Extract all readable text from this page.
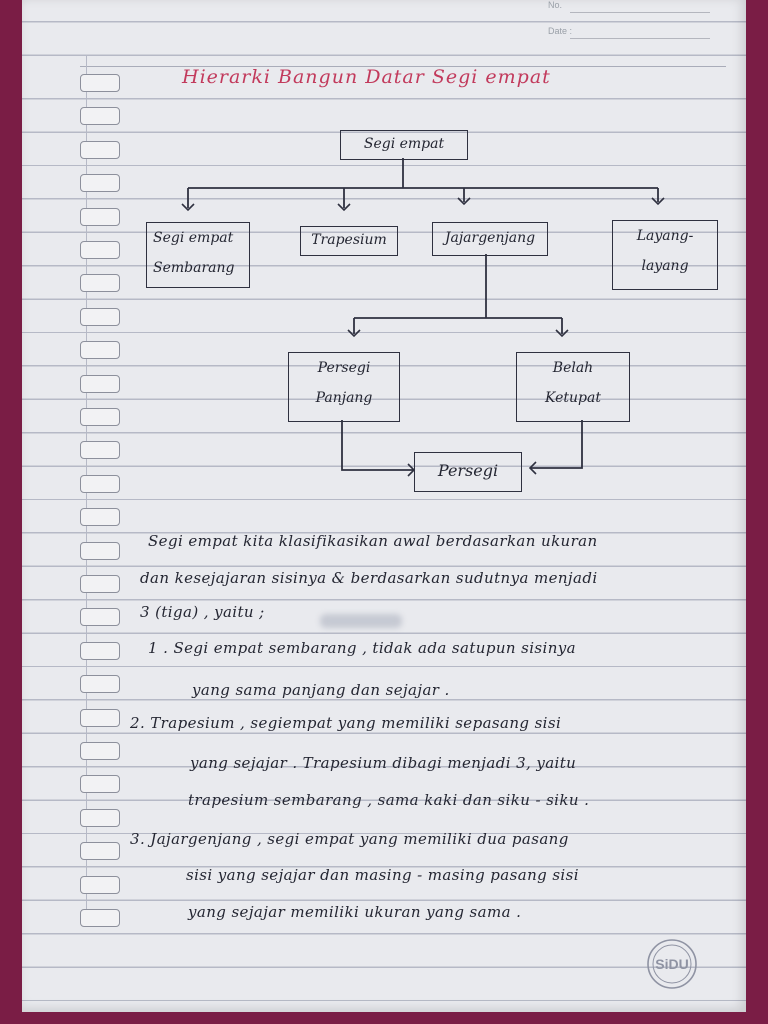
No.
Date :
Hierarki Bangun Datar Segi empat
Segi empat
Segi empat
Sembarang
Trapesium	Jajargenjang	Layang-
layang
Persegi
Panjang
Belah
Ketupat
Persegi
Segi empat kita klasifikasikan awal berdasarkan ukuran
dan kesejajaran sisinya & berdasarkan sudutnya menjadi
3 (tiga) , yaitu ;
1 . Segi empat sembarang , tidak ada satupun sisinya
yang sama panjang dan sejajar .
2. Trapesium , segiempat yang memiliki sepasang sisi
yang sejajar . Trapesium dibagi menjadi 3, yaitu
trapesium sembarang , sama kaki dan siku - siku .
3. Jajargenjang , segi empat yang memiliki dua pasang
sisi yang sejajar dan masing - masing pasang sisi
yang sejajar memiliki ukuran yang sama .
SiDU
